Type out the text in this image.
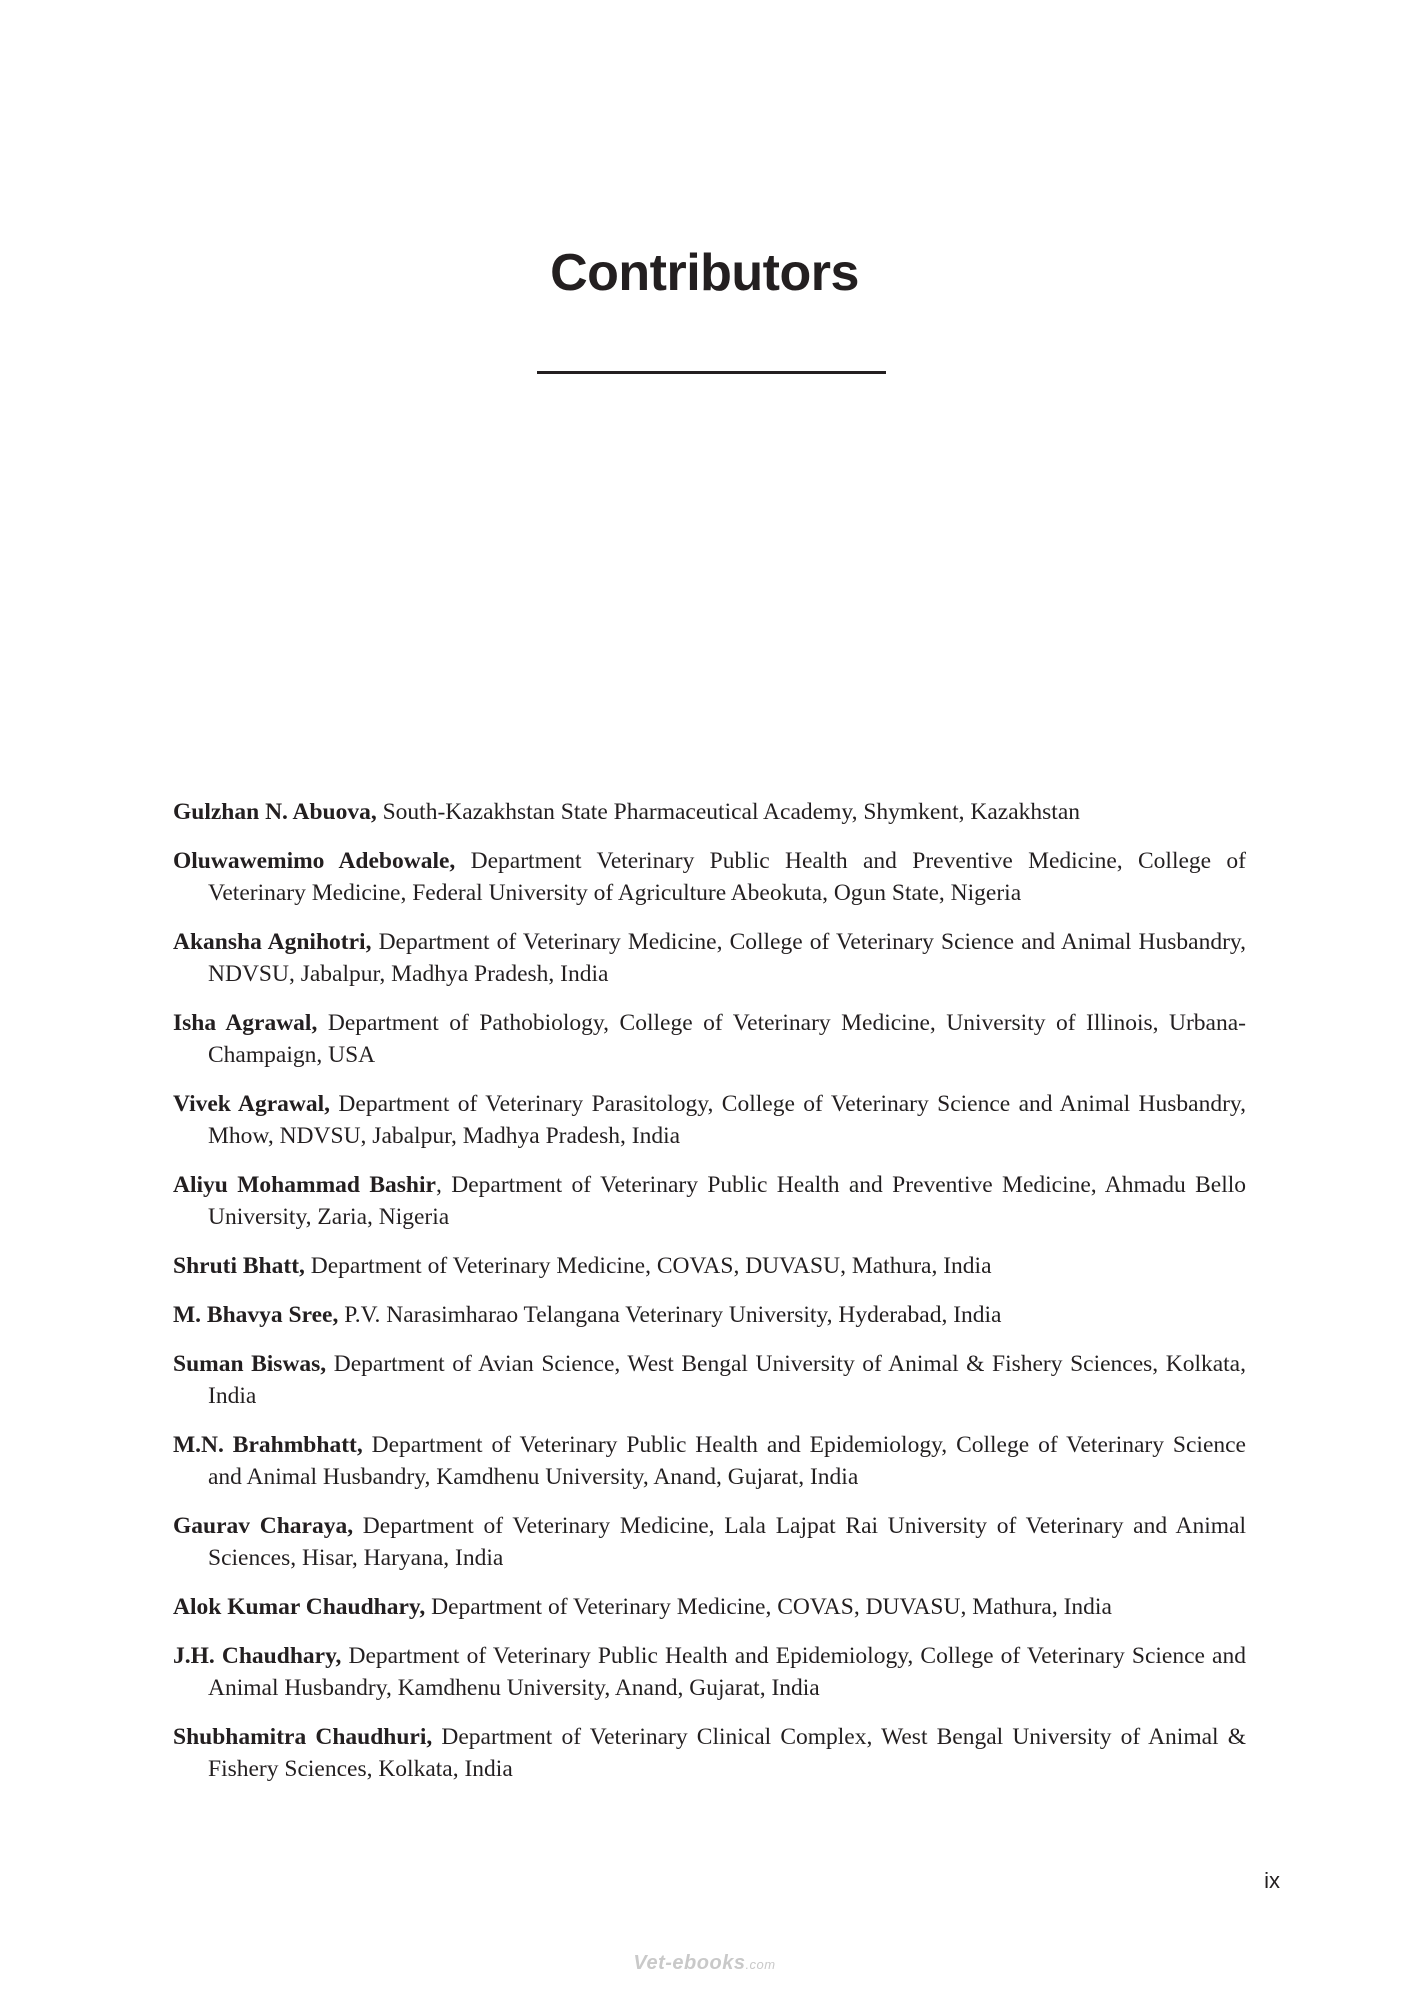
Contributors
Gulzhan N. Abuova, South-Kazakhstan State Pharmaceutical Academy, Shymkent, Kazakhstan
Oluwawemimo Adebowale, Department Veterinary Public Health and Preventive Medicine, College of Veterinary Medicine, Federal University of Agriculture Abeokuta, Ogun State, Nigeria
Akansha Agnihotri, Department of Veterinary Medicine, College of Veterinary Science and Animal Husbandry, NDVSU, Jabalpur, Madhya Pradesh, India
Isha Agrawal, Department of Pathobiology, College of Veterinary Medicine, University of Illinois, Urbana-Champaign, USA
Vivek Agrawal, Department of Veterinary Parasitology, College of Veterinary Science and Animal Husbandry, Mhow, NDVSU, Jabalpur, Madhya Pradesh, India
Aliyu Mohammad Bashir, Department of Veterinary Public Health and Preventive Medicine, Ahmadu Bello University, Zaria, Nigeria
Shruti Bhatt, Department of Veterinary Medicine, COVAS, DUVASU, Mathura, India
M. Bhavya Sree, P.V. Narasimharao Telangana Veterinary University, Hyderabad, India
Suman Biswas, Department of Avian Science, West Bengal University of Animal & Fishery Sciences, Kolkata, India
M.N. Brahmbhatt, Department of Veterinary Public Health and Epidemiology, College of Veterinary Science and Animal Husbandry, Kamdhenu University, Anand, Gujarat, India
Gaurav Charaya, Department of Veterinary Medicine, Lala Lajpat Rai University of Veterinary and Animal Sciences, Hisar, Haryana, India
Alok Kumar Chaudhary, Department of Veterinary Medicine, COVAS, DUVASU, Mathura, India
J.H. Chaudhary, Department of Veterinary Public Health and Epidemiology, College of Veterinary Science and Animal Husbandry, Kamdhenu University, Anand, Gujarat, India
Shubhamitra Chaudhuri, Department of Veterinary Clinical Complex, West Bengal University of Animal & Fishery Sciences, Kolkata, India
ix
Vet-ebooks.com
